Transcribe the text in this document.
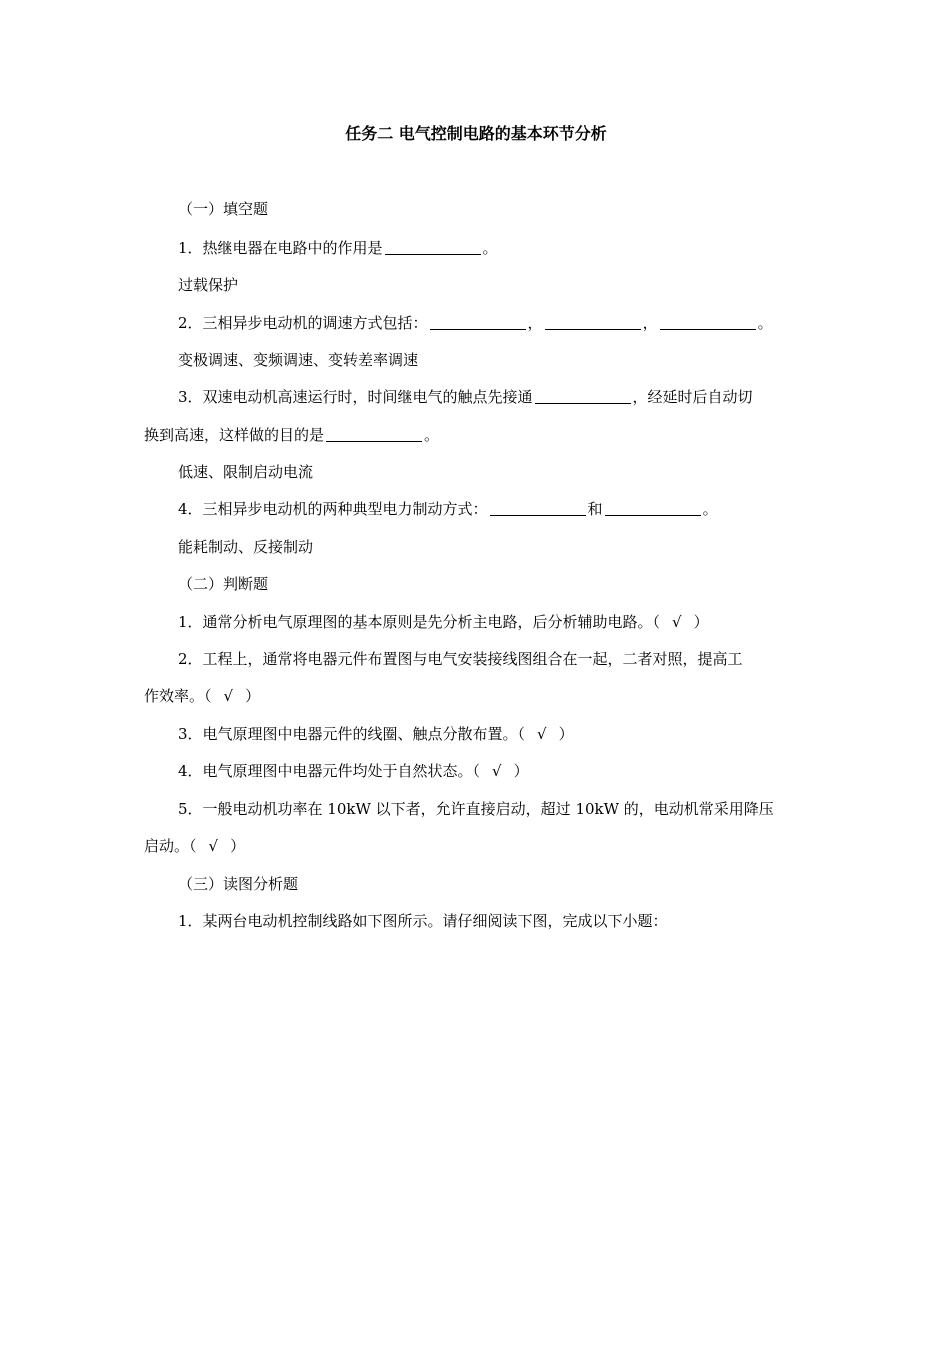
任务二 电气控制电路的基本环节分析
（一）填空题
1．热继电器在电路中的作用是	。
过载保护
2．三相异步电动机的调速方式包括：	，	，	。
变极调速、变频调速、变转差率调速
3．双速电动机高速运行时，时间继电气的触点先接通	，经延时后自动切
换到高速，这样做的目的是	。
低速、限制启动电流
4．三相异步电动机的两种典型电力制动方式：	和	。
能耗制动、反接制动
（二）判断题
1．通常分析电气原理图的基本原则是先分析主电路，后分析辅助电路。（ √ ）
2．工程上，通常将电器元件布置图与电气安装接线图组合在一起，二者对照，提高工
作效率。（ √ ）
3．电气原理图中电器元件的线圈、触点分散布置。（ √ ）
4．电气原理图中电器元件均处于自然状态。（ √ ）
5．一般电动机功率在 10kW 以下者，允许直接启动，超过 10kW 的，电动机常采用降压
启动。（ √ ）
（三）读图分析题
1．某两台电动机控制线路如下图所示。请仔细阅读下图，完成以下小题：
